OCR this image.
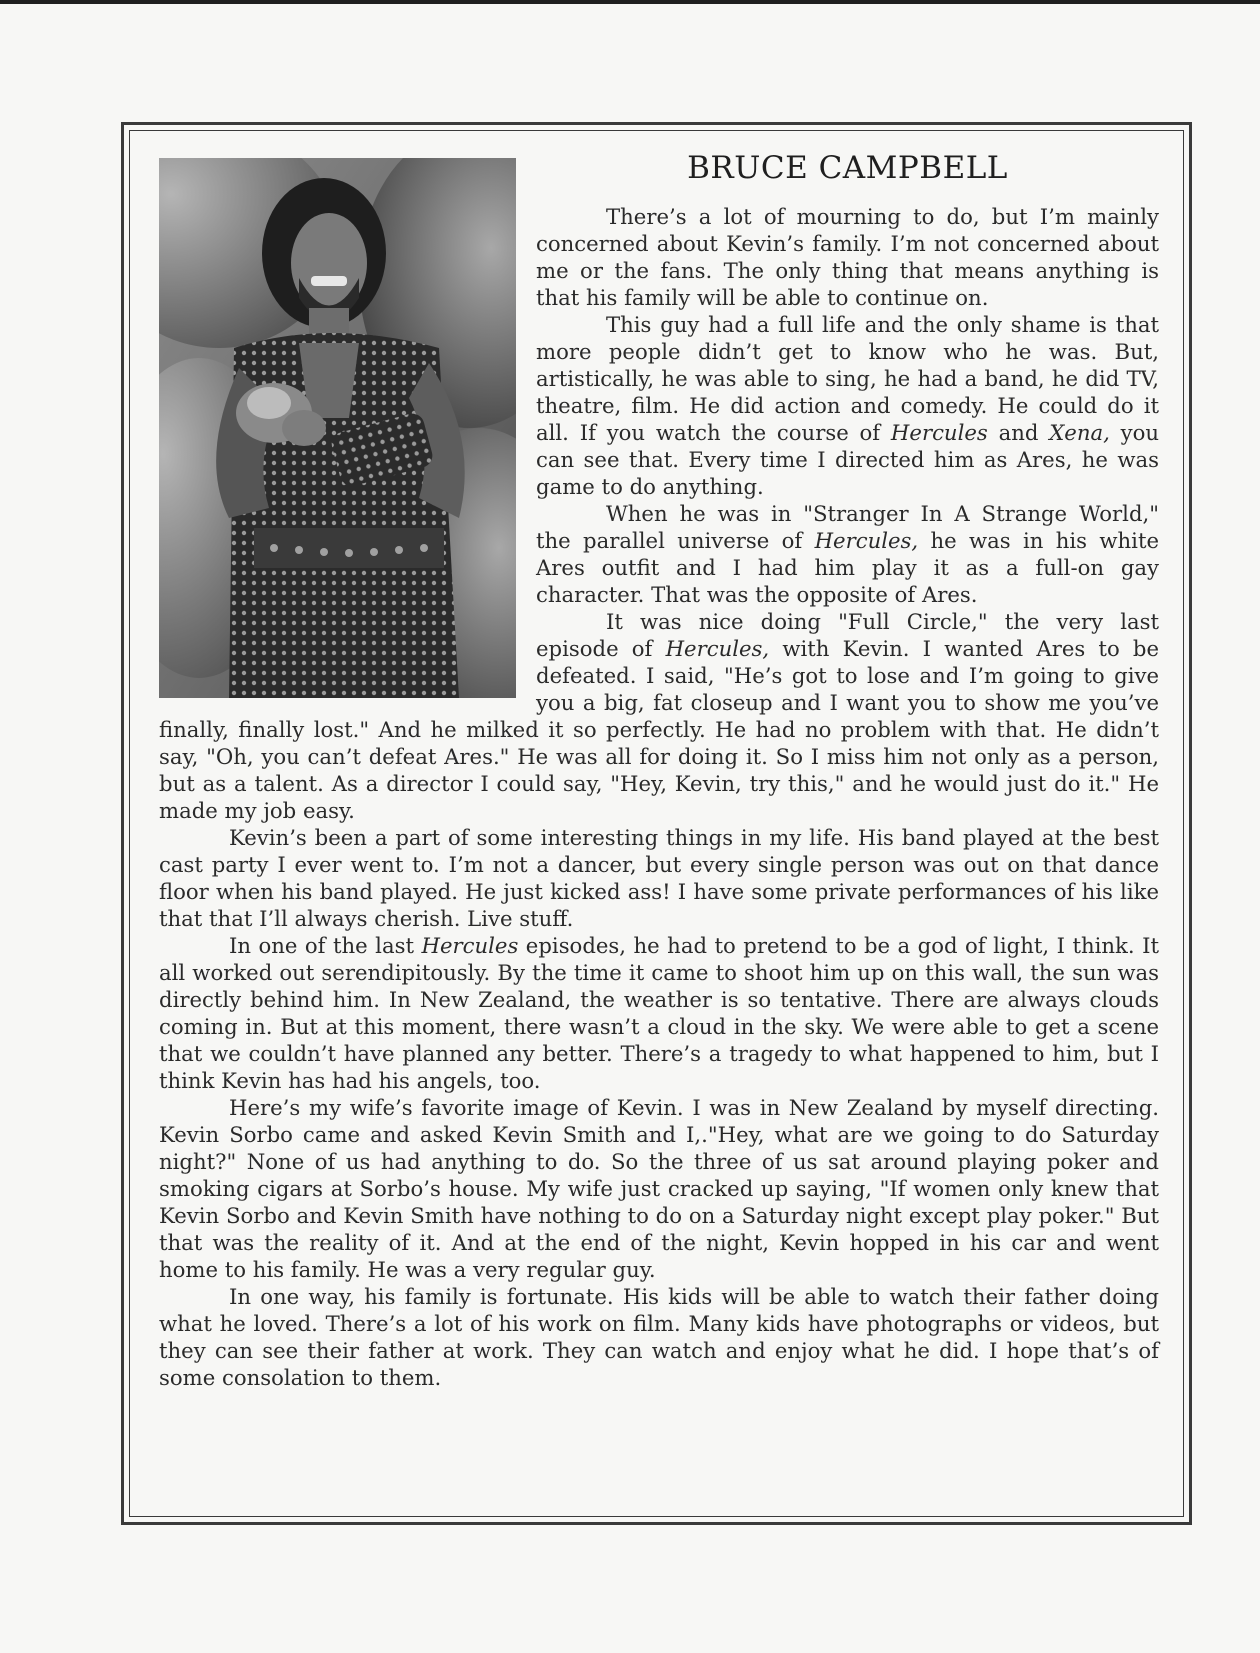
BRUCE CAMPBELL

There’s a lot of mourning to do, but I’m mainly concerned about Kevin’s family. I’m not concerned about me or the fans. The only thing that means anything is that his family will be able to continue on.

This guy had a full life and the only shame is that more people didn’t get to know who he was. But, artistically, he was able to sing, he had a band, he did TV, theatre, film. He did action and comedy. He could do it all. If you watch the course of Hercules and Xena, you can see that. Every time I directed him as Ares, he was game to do anything.

When he was in "Stranger In A Strange World," the parallel universe of Hercules, he was in his white Ares outfit and I had him play it as a full-on gay character. That was the opposite of Ares.

It was nice doing "Full Circle," the very last episode of Hercules, with Kevin. I wanted Ares to be defeated. I said, "He’s got to lose and I’m going to give you a big, fat closeup and I want you to show me you’ve finally, finally lost." And he milked it so perfectly. He had no problem with that. He didn’t say, "Oh, you can’t defeat Ares." He was all for doing it. So I miss him not only as a person, but as a talent. As a director I could say, "Hey, Kevin, try this," and he would just do it." He made my job easy.

Kevin’s been a part of some interesting things in my life. His band played at the best cast party I ever went to. I’m not a dancer, but every single person was out on that dance floor when his band played. He just kicked ass! I have some private performances of his like that that I’ll always cherish. Live stuff.

In one of the last Hercules episodes, he had to pretend to be a god of light, I think. It all worked out serendipitously. By the time it came to shoot him up on this wall, the sun was directly behind him. In New Zealand, the weather is so tentative. There are always clouds coming in. But at this moment, there wasn’t a cloud in the sky. We were able to get a scene that we couldn’t have planned any better. There’s a tragedy to what happened to him, but I think Kevin has had his angels, too.

Here’s my wife’s favorite image of Kevin. I was in New Zealand by myself directing. Kevin Sorbo came and asked Kevin Smith and I,."Hey, what are we going to do Saturday night?" None of us had anything to do. So the three of us sat around playing poker and smoking cigars at Sorbo’s house. My wife just cracked up saying, "If women only knew that Kevin Sorbo and Kevin Smith have nothing to do on a Saturday night except play poker." But that was the reality of it. And at the end of the night, Kevin hopped in his car and went home to his family. He was a very regular guy.

In one way, his family is fortunate. His kids will be able to watch their father doing what he loved. There’s a lot of his work on film. Many kids have photographs or videos, but they can see their father at work. They can watch and enjoy what he did. I hope that’s of some consolation to them.
